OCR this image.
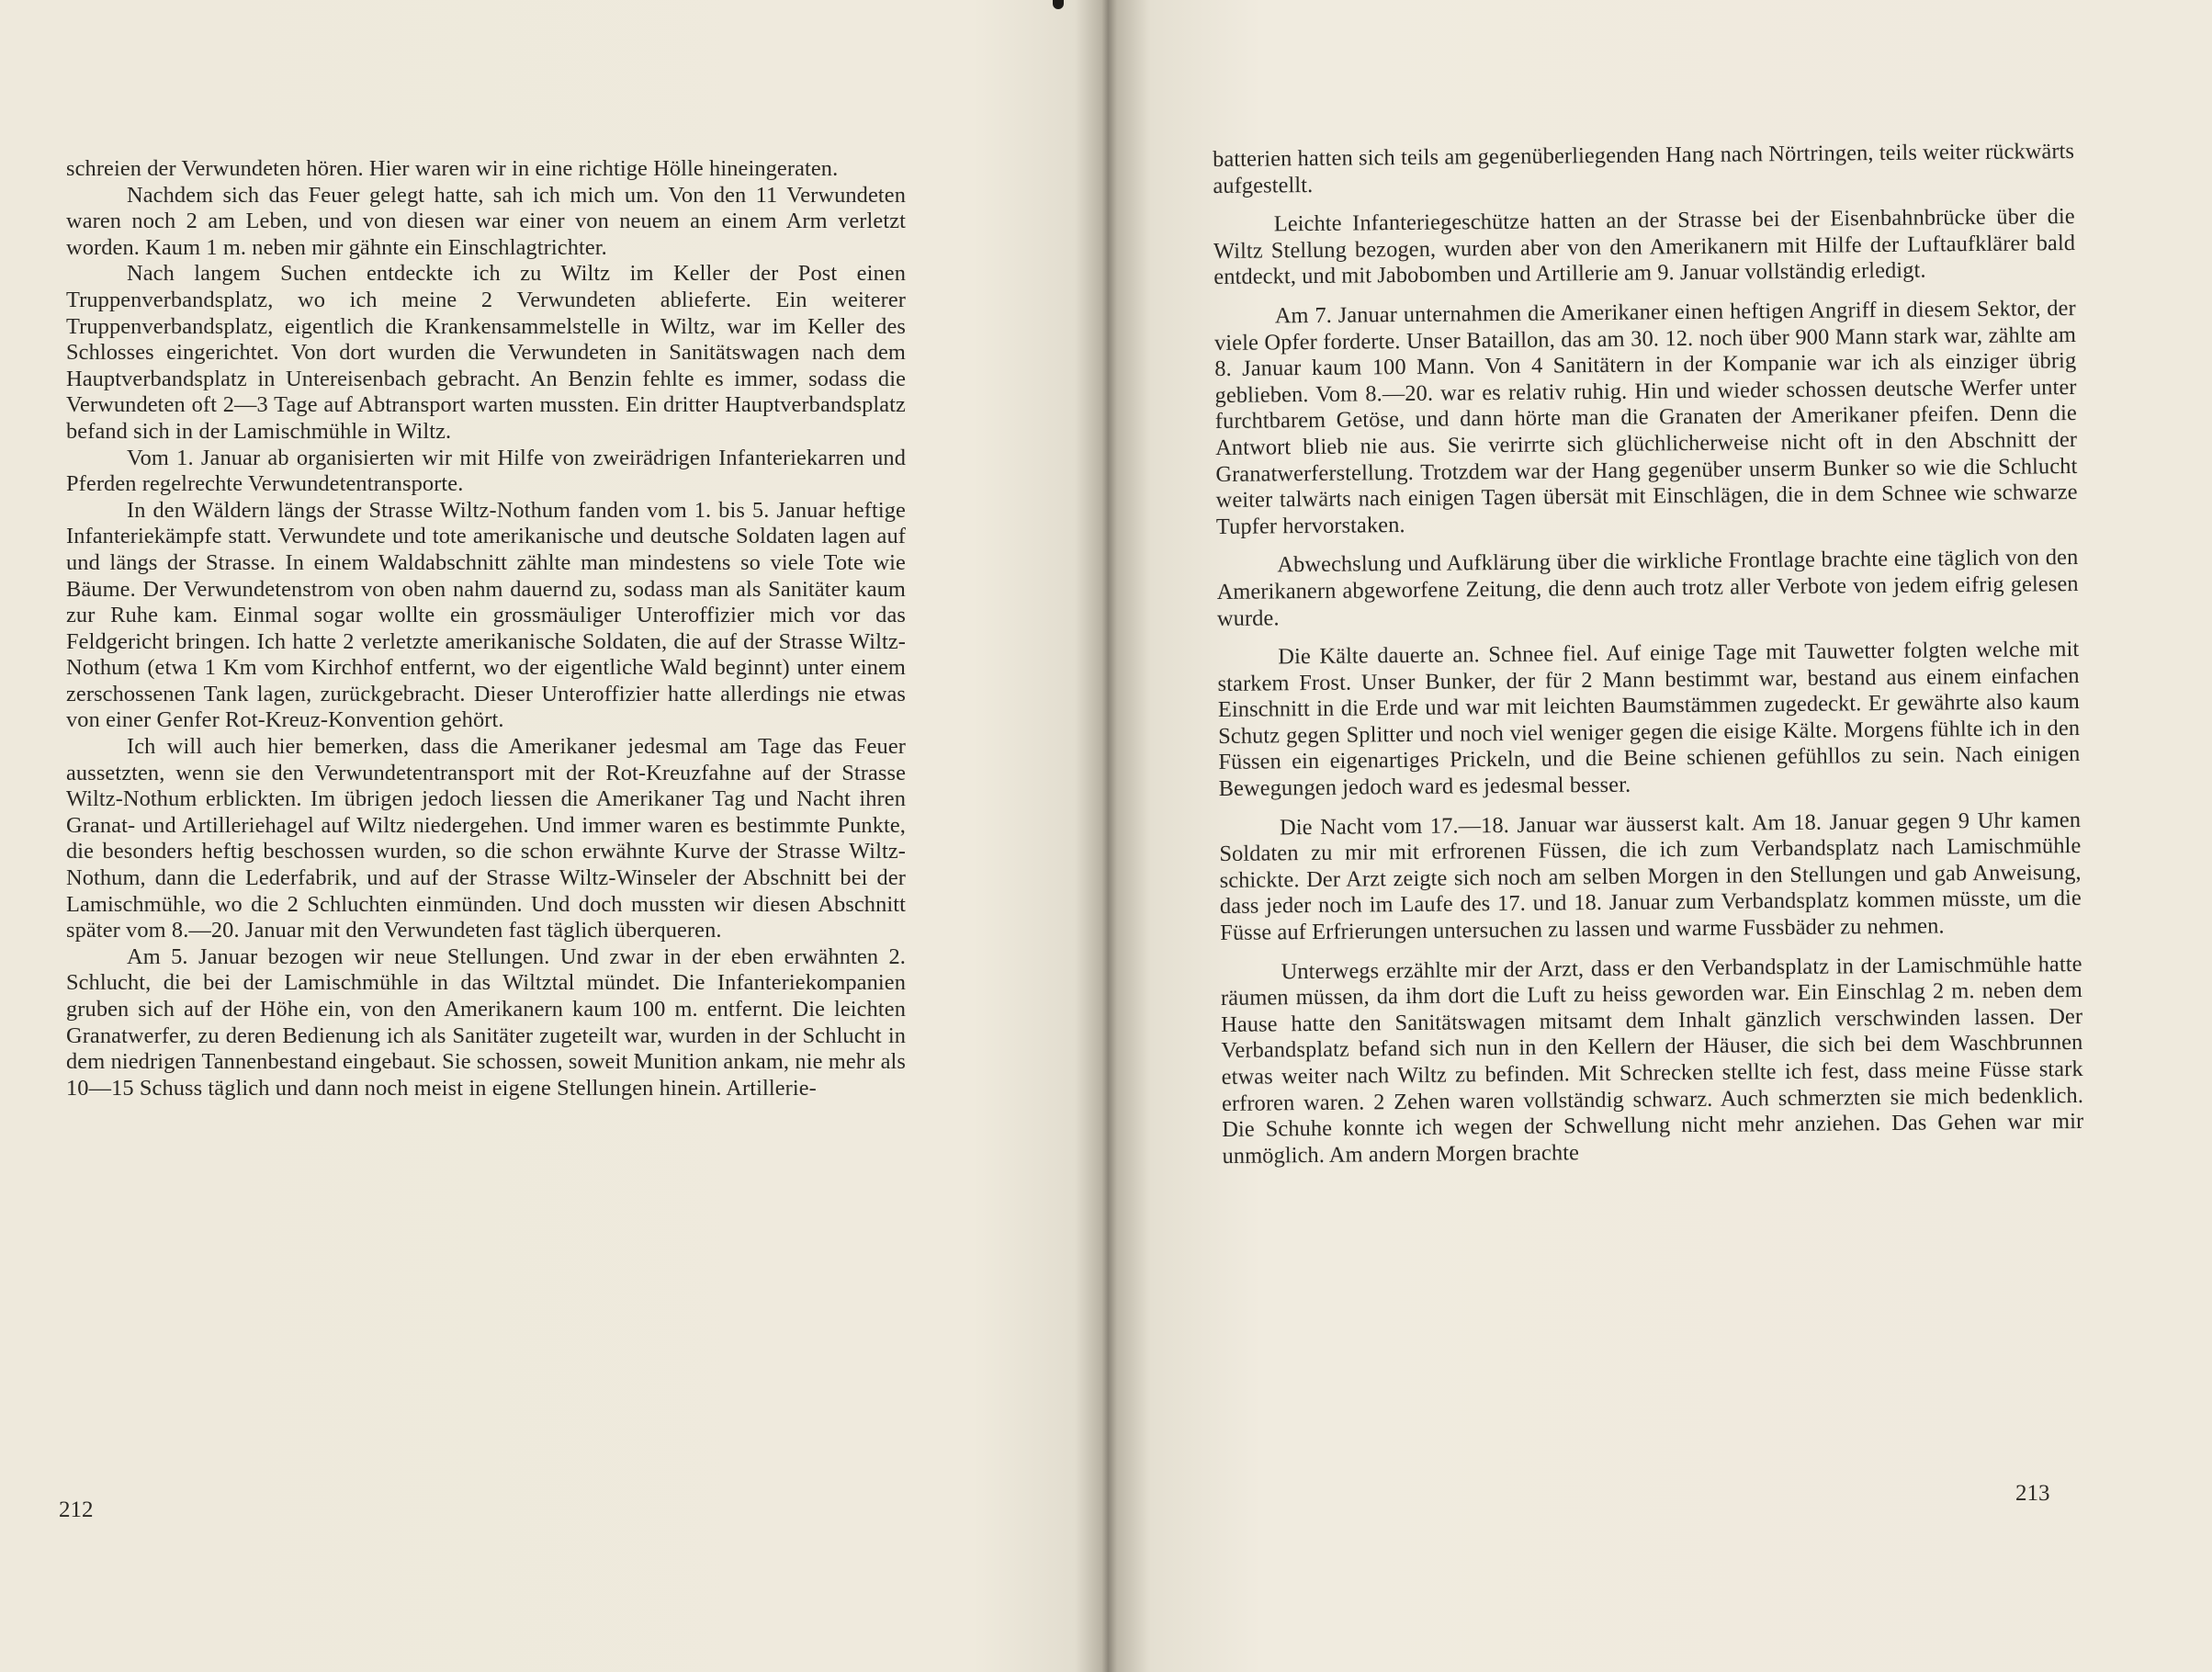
schreien der Verwundeten hören. Hier waren wir in eine richtige Hölle hineingeraten.

Nachdem sich das Feuer gelegt hatte, sah ich mich um. Von den 11 Verwundeten waren noch 2 am Leben, und von diesen war einer von neuem an einem Arm verletzt worden. Kaum 1 m. neben mir gähnte ein Einschlagtrichter.

Nach langem Suchen entdeckte ich zu Wiltz im Keller der Post einen Truppenverbandsplatz, wo ich meine 2 Verwundeten ablieferte. Ein weiterer Truppenverbandsplatz, eigentlich die Krankensammelstelle in Wiltz, war im Keller des Schlosses eingerichtet. Von dort wurden die Verwundeten in Sanitätswagen nach dem Hauptverbandsplatz in Untereisenbach gebracht. An Benzin fehlte es immer, sodass die Verwundeten oft 2—3 Tage auf Abtransport warten mussten. Ein dritter Hauptverbandsplatz befand sich in der Lamischmühle in Wiltz.

Vom 1. Januar ab organisierten wir mit Hilfe von zweirädrigen Infanteriekarren und Pferden regelrechte Verwundetentransporte.

In den Wäldern längs der Strasse Wiltz-Nothum fanden vom 1. bis 5. Januar heftige Infanteriekämpfe statt. Verwundete und tote amerikanische und deutsche Soldaten lagen auf und längs der Strasse. In einem Waldabschnitt zählte man mindestens so viele Tote wie Bäume. Der Verwundetenstrom von oben nahm dauernd zu, sodass man als Sanitäter kaum zur Ruhe kam. Einmal sogar wollte ein grossmäuliger Unteroffizier mich vor das Feldgericht bringen. Ich hatte 2 verletzte amerikanische Soldaten, die auf der Strasse Wiltz-Nothum (etwa 1 Km vom Kirchhof entfernt, wo der eigentliche Wald beginnt) unter einem zerschossenen Tank lagen, zurückgebracht. Dieser Unteroffizier hatte allerdings nie etwas von einer Genfer Rot-Kreuz-Konvention gehört.

Ich will auch hier bemerken, dass die Amerikaner jedesmal am Tage das Feuer aussetzten, wenn sie den Verwundetentransport mit der Rot-Kreuzfahne auf der Strasse Wiltz-Nothum erblickten. Im übrigen jedoch liessen die Amerikaner Tag und Nacht ihren Granat- und Artilleriehagel auf Wiltz niedergehen. Und immer waren es bestimmte Punkte, die besonders heftig beschossen wurden, so die schon erwähnte Kurve der Strasse Wiltz-Nothum, dann die Lederfabrik, und auf der Strasse Wiltz-Winseler der Abschnitt bei der Lamischmühle, wo die 2 Schluchten einmünden. Und doch mussten wir diesen Abschnitt später vom 8.—20. Januar mit den Verwundeten fast täglich überqueren.

Am 5. Januar bezogen wir neue Stellungen. Und zwar in der eben erwähnten 2. Schlucht, die bei der Lamischmühle in das Wiltztal mündet. Die Infanteriekompanien gruben sich auf der Höhe ein, von den Amerikanern kaum 100 m. entfernt. Die leichten Granatwerfer, zu deren Bedienung ich als Sanitäter zugeteilt war, wurden in der Schlucht in dem niedrigen Tannenbestand eingebaut. Sie schossen, soweit Munition ankam, nie mehr als 10—15 Schuss täglich und dann noch meist in eigene Stellungen hinein. Artillerie-

212

batterien hatten sich teils am gegenüberliegenden Hang nach Nörtringen, teils weiter rückwärts aufgestellt.

Leichte Infanteriegeschütze hatten an der Strasse bei der Eisenbahnbrücke über die Wiltz Stellung bezogen, wurden aber von den Amerikanern mit Hilfe der Luftaufklärer bald entdeckt, und mit Jabobomben und Artillerie am 9. Januar vollständig erledigt.

Am 7. Januar unternahmen die Amerikaner einen heftigen Angriff in diesem Sektor, der viele Opfer forderte. Unser Bataillon, das am 30. 12. noch über 900 Mann stark war, zählte am 8. Januar kaum 100 Mann. Von 4 Sanitätern in der Kompanie war ich als einziger übrig geblieben. Vom 8.—20. war es relativ ruhig. Hin und wieder schossen deutsche Werfer unter furchtbarem Getöse, und dann hörte man die Granaten der Amerikaner pfeifen. Denn die Antwort blieb nie aus. Sie verirrte sich glüchlicherweise nicht oft in den Abschnitt der Granatwerferstellung. Trotzdem war der Hang gegenüber unserm Bunker so wie die Schlucht weiter talwärts nach einigen Tagen übersät mit Einschlägen, die in dem Schnee wie schwarze Tupfer hervorstaken.

Abwechslung und Aufklärung über die wirkliche Frontlage brachte eine täglich von den Amerikanern abgeworfene Zeitung, die denn auch trotz aller Verbote von jedem eifrig gelesen wurde.

Die Kälte dauerte an. Schnee fiel. Auf einige Tage mit Tauwetter folgten welche mit starkem Frost. Unser Bunker, der für 2 Mann bestimmt war, bestand aus einem einfachen Einschnitt in die Erde und war mit leichten Baumstämmen zugedeckt. Er gewährte also kaum Schutz gegen Splitter und noch viel weniger gegen die eisige Kälte. Morgens fühlte ich in den Füssen ein eigenartiges Prickeln, und die Beine schienen gefühllos zu sein. Nach einigen Bewegungen jedoch ward es jedesmal besser.

Die Nacht vom 17.—18. Januar war äusserst kalt. Am 18. Januar gegen 9 Uhr kamen Soldaten zu mir mit erfrorenen Füssen, die ich zum Verbandsplatz nach Lamischmühle schickte. Der Arzt zeigte sich noch am selben Morgen in den Stellungen und gab Anweisung, dass jeder noch im Laufe des 17. und 18. Januar zum Verbandsplatz kommen müsste, um die Füsse auf Erfrierungen untersuchen zu lassen und warme Fussbäder zu nehmen.

Unterwegs erzählte mir der Arzt, dass er den Verbandsplatz in der Lamischmühle hatte räumen müssen, da ihm dort die Luft zu heiss geworden war. Ein Einschlag 2 m. neben dem Hause hatte den Sanitätswagen mitsamt dem Inhalt gänzlich verschwinden lassen. Der Verbandsplatz befand sich nun in den Kellern der Häuser, die sich bei dem Waschbrunnen etwas weiter nach Wiltz zu befinden. Mit Schrecken stellte ich fest, dass meine Füsse stark erfroren waren. 2 Zehen waren vollständig schwarz. Auch schmerzten sie mich bedenklich. Die Schuhe konnte ich wegen der Schwellung nicht mehr anziehen. Das Gehen war mir unmöglich. Am andern Morgen brachte

213
